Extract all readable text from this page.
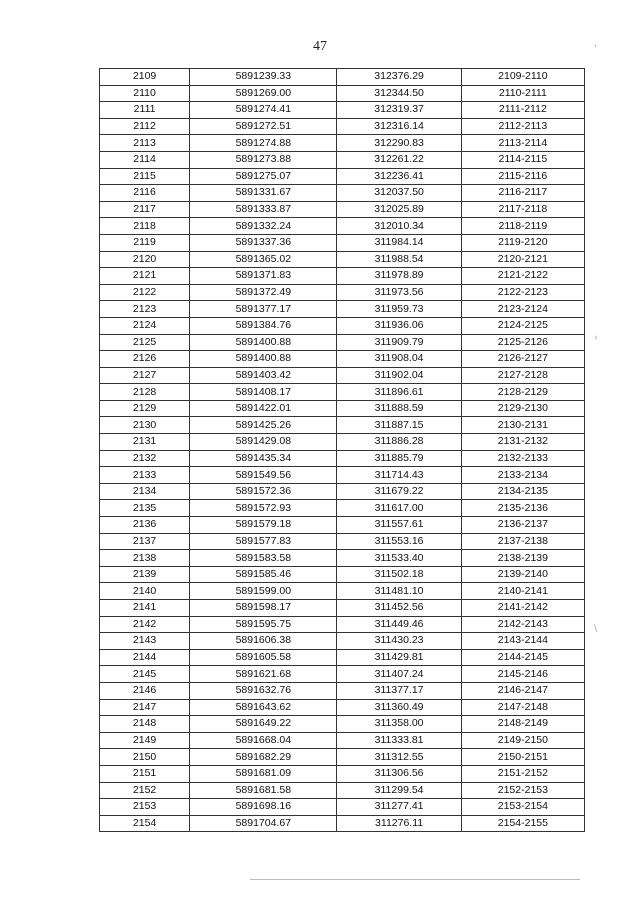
47
2109	5891239.33	312376.29	2109-2110
2110	5891269.00	312344.50	2110-2111
2111	5891274.41	312319.37	2111-2112
2112	5891272.51	312316.14	2112-2113
2113	5891274.88	312290.83	2113-2114
2114	5891273.88	312261.22	2114-2115
2115	5891275.07	312236.41	2115-2116
2116	5891331.67	312037.50	2116-2117
2117	5891333.87	312025.89	2117-2118
2118	5891332.24	312010.34	2118-2119
2119	5891337.36	311984.14	2119-2120
2120	5891365.02	311988.54	2120-2121
2121	5891371.83	311978.89	2121-2122
2122	5891372.49	311973.56	2122-2123
2123	5891377.17	311959.73	2123-2124
2124	5891384.76	311936.06	2124-2125
2125	5891400.88	311909.79	2125-2126
2126	5891400.88	311908.04	2126-2127
2127	5891403.42	311902.04	2127-2128
2128	5891408.17	311896.61	2128-2129
2129	5891422.01	311888.59	2129-2130
2130	5891425.26	311887.15	2130-2131
2131	5891429.08	311886.28	2131-2132
2132	5891435.34	311885.79	2132-2133
2133	5891549.56	311714.43	2133-2134
2134	5891572.36	311679.22	2134-2135
2135	5891572.93	311617.00	2135-2136
2136	5891579.18	311557.61	2136-2137
2137	5891577.83	311553.16	2137-2138
2138	5891583.58	311533.40	2138-2139
2139	5891585.46	311502.18	2139-2140
2140	5891599.00	311481.10	2140-2141
2141	5891598.17	311452.56	2141-2142
2142	5891595.75	311449.46	2142-2143
2143	5891606.38	311430.23	2143-2144
2144	5891605.58	311429.81	2144-2145
2145	5891621.68	311407.24	2145-2146
2146	5891632.76	311377.17	2146-2147
2147	5891643.62	311360.49	2147-2148
2148	5891649.22	311358.00	2148-2149
2149	5891668.04	311333.81	2149-2150
2150	5891682.29	311312.55	2150-2151
2151	5891681.09	311306.56	2151-2152
2152	5891681.58	311299.54	2152-2153
2153	5891698.16	311277.41	2153-2154
2154	5891704.67	311276.11	2154-2155
'
‹
\
